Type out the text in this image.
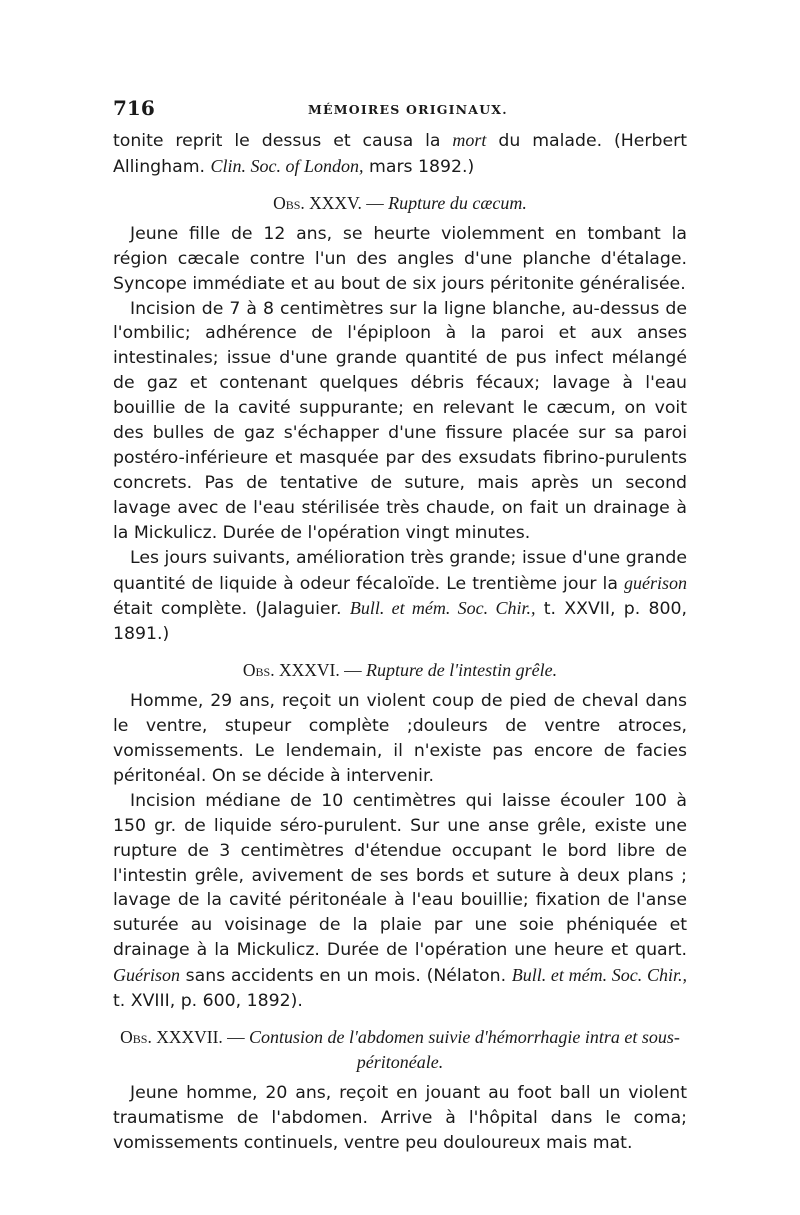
716	MÉMOIRES ORIGINAUX.

tonite reprit le dessus et causa la mort du malade. (Herbert Allingham. Clin. Soc. of London, mars 1892.)

Obs. XXXV. — Rupture du cæcum.

Jeune fille de 12 ans, se heurte violemment en tombant la région cæcale contre l'un des angles d'une planche d'étalage. Syncope immédiate et au bout de six jours péritonite généralisée.

Incision de 7 à 8 centimètres sur la ligne blanche, au-dessus de l'ombilic; adhérence de l'épiploon à la paroi et aux anses intestinales; issue d'une grande quantité de pus infect mélangé de gaz et contenant quelques débris fécaux; lavage à l'eau bouillie de la cavité suppurante; en relevant le cæcum, on voit des bulles de gaz s'échapper d'une fissure placée sur sa paroi postéro-inférieure et masquée par des exsudats fibrino-purulents concrets. Pas de tentative de suture, mais après un second lavage avec de l'eau stérilisée très chaude, on fait un drainage à la Mickulicz. Durée de l'opération vingt minutes.

Les jours suivants, amélioration très grande; issue d'une grande quantité de liquide à odeur fécaloïde. Le trentième jour la guérison était complète. (Jalaguier. Bull. et mém. Soc. Chir., t. XXVII, p. 800, 1891.)

Obs. XXXVI. — Rupture de l'intestin grêle.

Homme, 29 ans, reçoit un violent coup de pied de cheval dans le ventre, stupeur complète ;douleurs de ventre atroces, vomissements. Le lendemain, il n'existe pas encore de facies péritonéal. On se décide à intervenir.

Incision médiane de 10 centimètres qui laisse écouler 100 à 150 gr. de liquide séro-purulent. Sur une anse grêle, existe une rupture de 3 centimètres d'étendue occupant le bord libre de l'intestin grêle, avivement de ses bords et suture à deux plans ; lavage de la cavité péritonéale à l'eau bouillie; fixation de l'anse suturée au voisinage de la plaie par une soie phéniquée et drainage à la Mickulicz. Durée de l'opération une heure et quart. Guérison sans accidents en un mois. (Nélaton. Bull. et mém. Soc. Chir., t. XVIII, p. 600, 1892).

Obs. XXXVII. — Contusion de l'abdomen suivie d'hémorrhagie intra et sous-péritonéale.

Jeune homme, 20 ans, reçoit en jouant au foot ball un violent traumatisme de l'abdomen. Arrive à l'hôpital dans le coma; vomissements continuels, ventre peu douloureux mais mat.
